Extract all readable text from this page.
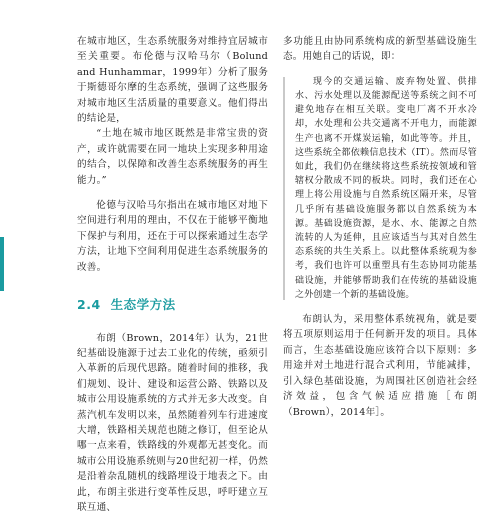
在城市地区，生态系统服务对维持宜居城市至关重要。布伦德与汉哈马尔（Bolund and Hunhammar，1999年）分析了服务于斯德哥尔摩的生态系统，强调了这些服务对城市地区生活质量的重要意义。他们得出的结论是，

“土地在城市地区既然是非常宝贵的资产，或许就需要在同一地块上实现多种用途的结合，以保障和改善生态系统服务的再生能力。”

伦德与汉哈马尔指出在城市地区对地下空间进行利用的理由，不仅在于能够平衡地下保护与利用，还在于可以探索通过生态学方法，让地下空间利用促进生态系统服务的改善。

2.4 生态学方法

布朗（Brown，2014年）认为，21世纪基础设施源于过去工业化的传统，亟须引入革新的后现代思路。随着时间的推移，我们规划、设计、建设和运营公路、铁路以及城市公用设施系统的方式并无多大改变。自蒸汽机车发明以来，虽然随着列车行进速度大增，铁路相关规范也随之修订，但至论从哪一点来看，铁路线的外观都无甚变化。而城市公用设施系统则与20世纪初一样，仍然是沿着杂乱随机的线路埋设于地表之下。由此，布朗主张进行变革性反思，呼吁建立互联互通、

多功能且由协同系统构成的新型基础设施生态。用她自己的话说，即：

现今的交通运输、废弃物处置、供排水、污水处理以及能源配送等系统之间不可避免地存在相互关联。变电厂离不开水冷却，水处理和公共交通离不开电力，而能源生产也离不开煤炭运输，如此等等。并且，这些系统全都依赖信息技术（IT）。然而尽管如此，我们仍在继续将这些系统按领域和管辖权分散成不同的板块。同时，我们还在心理上将公用设施与自然系统区隔开来，尽管几乎所有基础设施服务都以自然系统为本源。基础设施资源，是水、水、能源之自然流转的人为延伸，且应该适当与其对自然生态系统的共生关系上。以此整体系统观为参考，我们也许可以重塑具有生态协同功能基础设施，并能够帮助我们在传统的基础设施之外创建一个新的基础设施。

布朗认为，采用整体系统视角，就是要将五项原则运用于任何新开发的项目。具体而言，生态基础设施应该符合以下原则：多用途并对土地进行混合式利用，节能减排，引入绿色基础设施，为周围社区创造社会经济效益，包含气候适应措施［布朗（Brown），2014年］。
